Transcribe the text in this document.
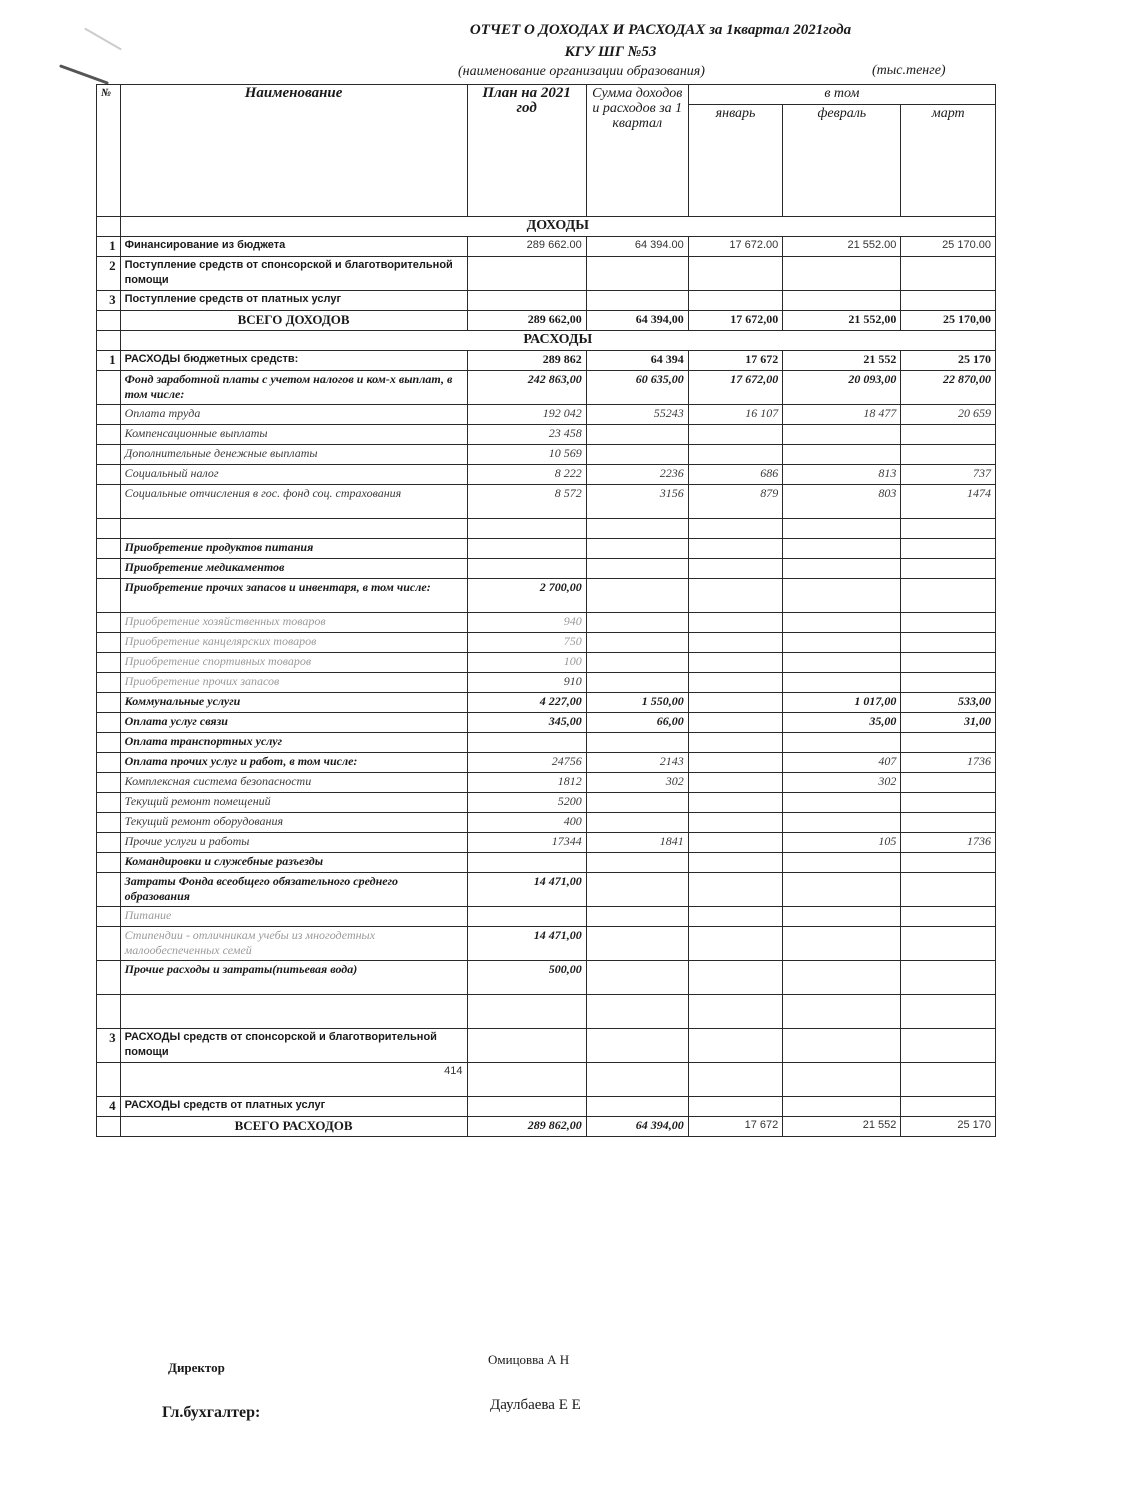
ОТЧЕТ О ДОХОДАХ И РАСХОДАХ за 1квартал 2021года
КГУ ШГ №53
(наименование организации образования)	(тыс.тенге)
№	Наименование	План на 2021 год	Сумма доходов и расходов за 1 квартал	в том		
				январь	февраль	март
	ДОХОДЫ					
1	Финансирование из бюджета	289 662.00	64 394.00	17 672.00	21 552.00	25 170.00
2	Поступление средств от спонсорской и благотворительной помощи					
3	Поступление средств от платных услуг					
	ВСЕГО ДОХОДОВ	289 662,00	64 394,00	17 672,00	21 552,00	25 170,00
	РАСХОДЫ					
1	РАСХОДЫ бюджетных средств:	289 862	64 394	17 672	21 552	25 170
	Фонд заработной платы с учетом налогов и ком-х выплат, в том числе:	242 863,00	60 635,00	17 672,00	20 093,00	22 870,00
	Оплата труда	192 042	55243	16 107	18 477	20 659
	Компенсационные выплаты	23 458				
	Дополнительные денежные выплаты	10 569				
	Социальный налог	8 222	2236	686	813	737
	Социальные отчисления в гос. фонд соц. страхования	8 572	3156	879	803	1474

	Приобретение продуктов питания					
	Приобретение медикаментов					
	Приобретение прочих запасов и инвентаря, в том числе:	2 700,00				
	Приобретение хозяйственных товаров	940				
	Приобретение канцелярских товаров	750				
	Приобретение спортивных товаров	100				
	Приобретение прочих запасов	910				
	Коммунальные услуги	4 227,00	1 550,00		1 017,00	533,00
	Оплата услуг связи	345,00	66,00		35,00	31,00
	Оплата транспортных услуг					
	Оплата прочих услуг и работ, в том числе:	24756	2143		407	1736
	Комплексная система безопасности	1812	302		302	
	Текущий ремонт помещений	5200				
	Текущий ремонт оборудования	400				
	Прочие услуги и работы	17344	1841		105	1736
	Командировки и служебные разъезды					
	Затраты Фонда всеобщего обязательного среднего образования	14 471,00				
	Питание					
	Стипендии - отличникам учебы из многодетных малообеспеченных семей	14 471,00				
	Прочие расходы и затраты(питьевая вода)	500,00				

3	РАСХОДЫ средств от спонсорской и благотворительной помощи					
	414					
4	РАСХОДЫ средств от платных услуг					
	ВСЕГО РАСХОДОВ	289 862,00	64 394,00	17 672	21 552	25 170
Директор
Омицовва А Н
Гл.бухгалтер:	Даулбаева Е Е
